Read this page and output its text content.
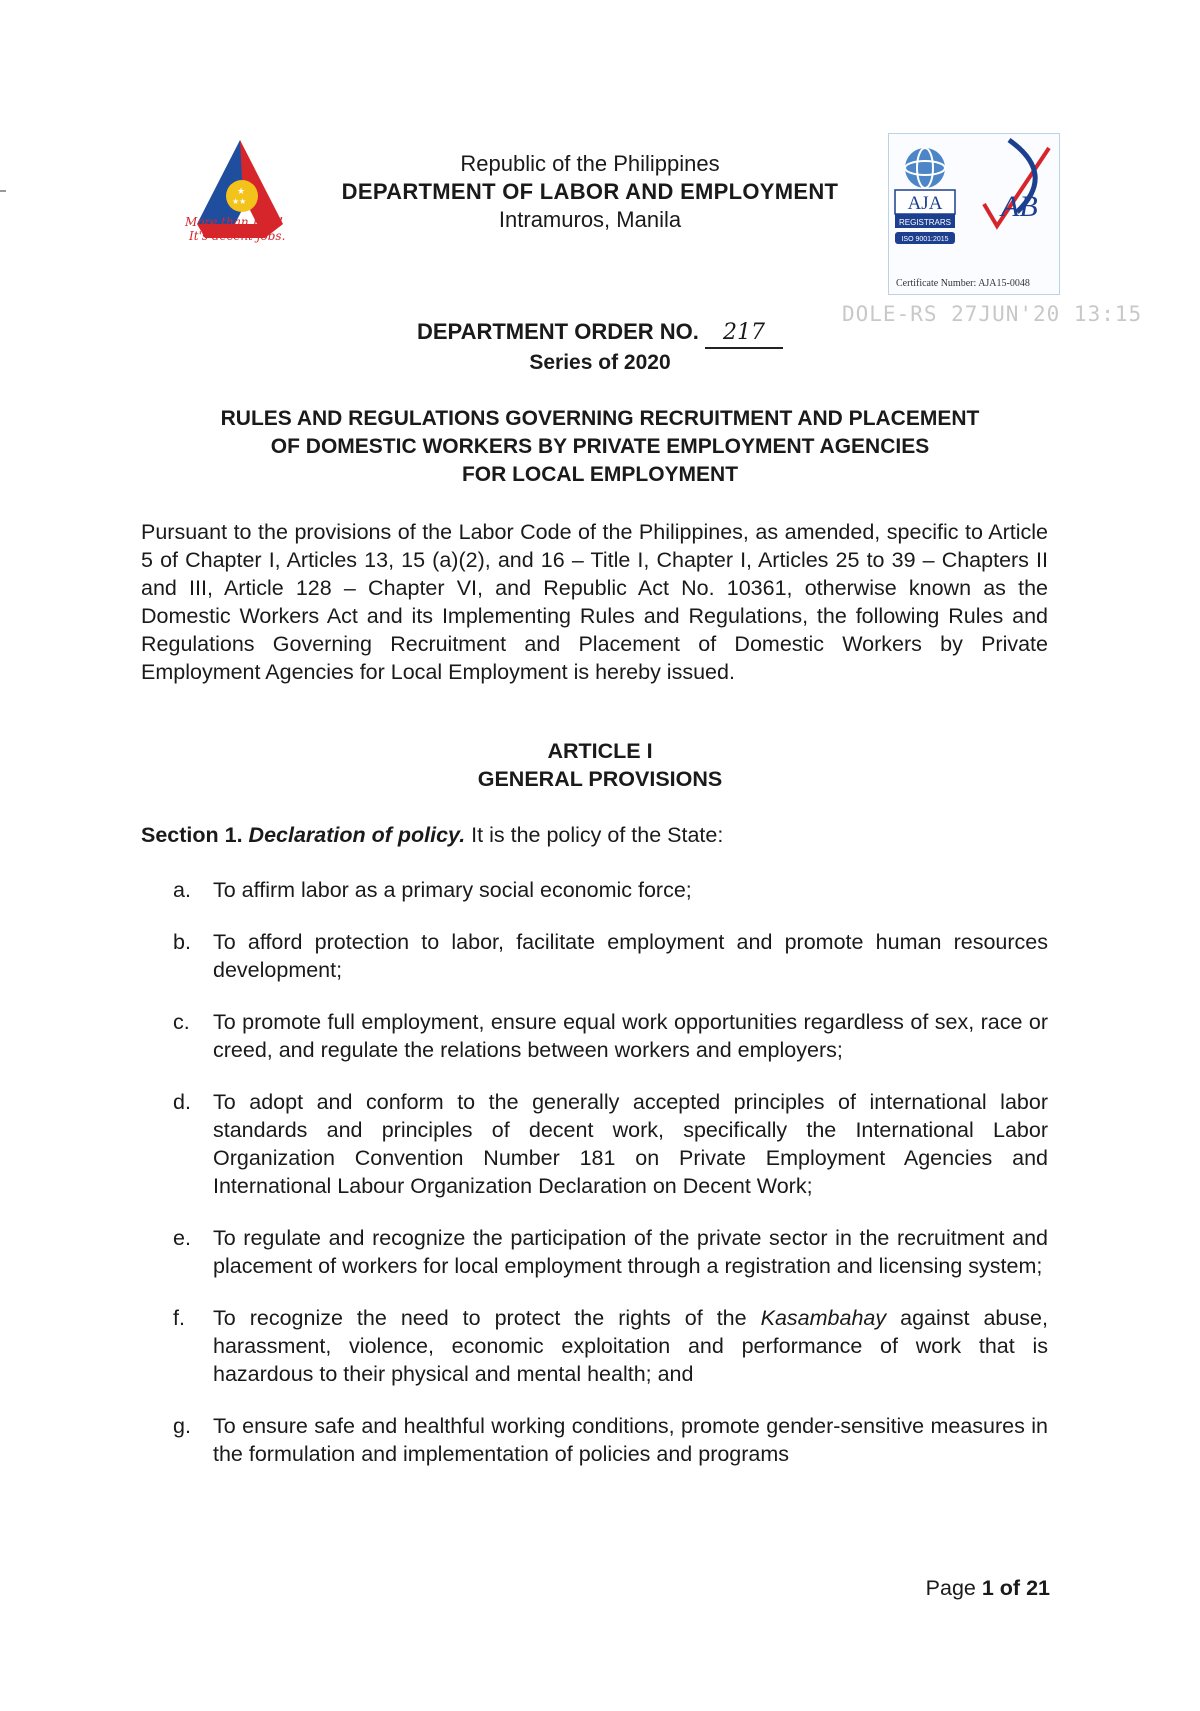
★
★★
More than Jobs!
It's decent jobs.
Republic of the Philippines
DEPARTMENT OF LABOR AND EMPLOYMENT
Intramuros, Manila
AJA
REGISTRARS
ISO 9001:2015
AB
Certificate Number: AJA15-0048
DOLE-RS 27JUN'20 13:15
DEPARTMENT ORDER NO. 217
Series of 2020
RULES AND REGULATIONS GOVERNING RECRUITMENT AND PLACEMENT
OF DOMESTIC WORKERS BY PRIVATE EMPLOYMENT AGENCIES
FOR LOCAL EMPLOYMENT
Pursuant to the provisions of the Labor Code of the Philippines, as amended, specific to Article 5 of Chapter I, Articles 13, 15 (a)(2), and 16 – Title I, Chapter I, Articles 25 to 39 – Chapters II and III, Article 128 – Chapter VI, and Republic Act No. 10361, otherwise known as the Domestic Workers Act and its Implementing Rules and Regulations, the following Rules and Regulations Governing Recruitment and Placement of Domestic Workers by Private Employment Agencies for Local Employment is hereby issued.
ARTICLE I
GENERAL PROVISIONS
Section 1. Declaration of policy. It is the policy of the State:
a. To affirm labor as a primary social economic force;
b. To afford protection to labor, facilitate employment and promote human resources development;
c. To promote full employment, ensure equal work opportunities regardless of sex, race or creed, and regulate the relations between workers and employers;
d. To adopt and conform to the generally accepted principles of international labor standards and principles of decent work, specifically the International Labor Organization Convention Number 181 on Private Employment Agencies and International Labour Organization Declaration on Decent Work;
e. To regulate and recognize the participation of the private sector in the recruitment and placement of workers for local employment through a registration and licensing system;
f. To recognize the need to protect the rights of the Kasambahay against abuse, harassment, violence, economic exploitation and performance of work that is hazardous to their physical and mental health; and
g. To ensure safe and healthful working conditions, promote gender-sensitive measures in the formulation and implementation of policies and programs
Page 1 of 21
